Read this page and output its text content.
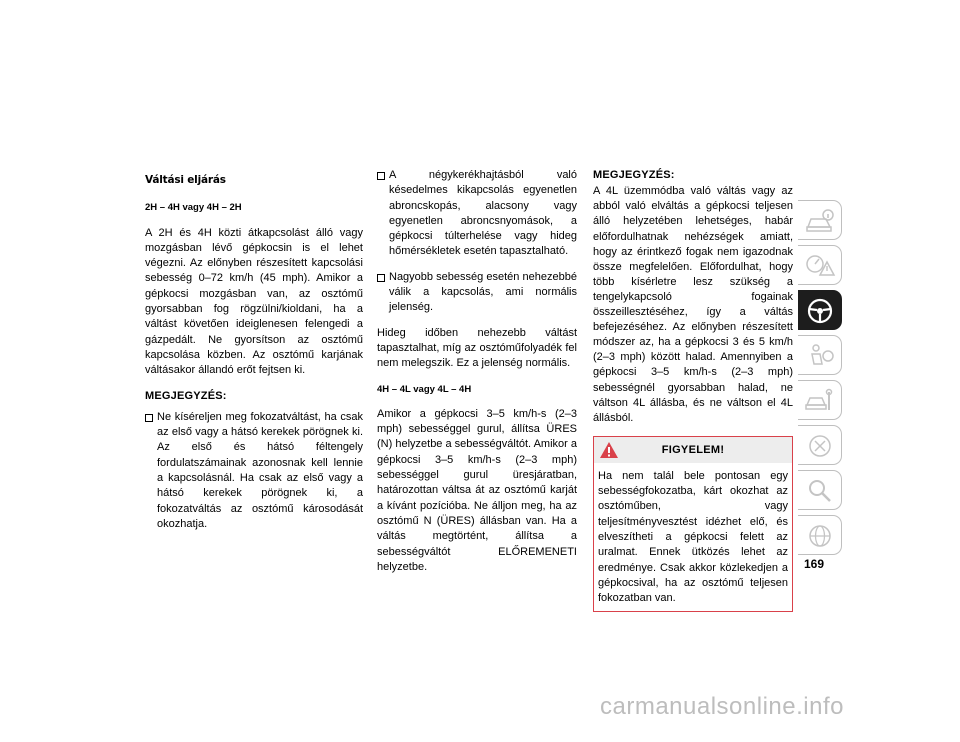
Váltási eljárás
2H – 4H vagy 4H – 2H
A 2H és 4H közti átkapcsolást álló vagy mozgásban lévő gépkocsin is el lehet végezni. Az előnyben részesített kapcsolási sebesség 0–72 km/h (45 mph). Amikor a gépkocsi mozgásban van, az osztómű gyorsabban fog rögzülni/kioldani, ha a váltást követően ideiglenesen felengedi a gázpedált. Ne gyorsítson az osztómű kapcsolása közben. Az osztómű karjának váltásakor állandó erőt fejtsen ki.
MEGJEGYZÉS:
Ne kíséreljen meg fokozatváltást, ha csak az első vagy a hátsó kerekek pörögnek ki. Az első és hátsó féltengely fordulatszámainak azonosnak kell lennie a kapcsolásnál. Ha csak az első vagy a hátsó kerekek pörögnek ki, a fokozatváltás az osztómű károsodását okozhatja.
A négykerékhajtásból való késedelmes kikapcsolás egyenetlen abroncskopás, alacsony vagy egyenetlen abroncsnyomások, a gépkocsi túlterhelése vagy hideg hőmérsékletek esetén tapasztalható.
Nagyobb sebesség esetén nehezebbé válik a kapcsolás, ami normális jelenség.
Hideg időben nehezebb váltást tapasztalhat, míg az osztóműfolyadék fel nem melegszik. Ez a jelenség normális.
4H – 4L vagy 4L – 4H
Amikor a gépkocsi 3–5 km/h-s (2–3 mph) sebességgel gurul, állítsa ÜRES (N) helyzetbe a sebességváltót. Amikor a gépkocsi 3–5 km/h-s (2–3 mph) sebességgel gurul üresjáratban, határozottan váltsa át az osztómű karját a kívánt pozícióba. Ne álljon meg, ha az osztómű N (ÜRES) állásban van. Ha a váltás megtörtént, állítsa a sebességváltót ELŐREMENETI helyzetbe.
MEGJEGYZÉS:
A 4L üzemmódba való váltás vagy az abból való elváltás a gépkocsi teljesen álló helyzetében lehetséges, habár előfordulhatnak nehézségek amiatt, hogy az érintkező fogak nem igazodnak össze megfelelően. Előfordulhat, hogy több kísérletre lesz szükség a tengelykapcsoló fogainak összeillesztéséhez, így a váltás befejezéséhez. Az előnyben részesített módszer az, ha a gépkocsi 3 és 5 km/h (2–3 mph) között halad. Amennyiben a gépkocsi 3–5 km/h-s (2–3 mph) sebességnél gyorsabban halad, ne váltson 4L állásba, és ne váltson el 4L állásból.
FIGYELEM!
Ha nem talál bele pontosan egy sebességfokozatba, kárt okozhat az osztóműben, vagy teljesítményvesztést idézhet elő, és elveszítheti a gépkocsi felett az uralmat. Ennek ütközés lehet az eredménye. Csak akkor közlekedjen a gépkocsival, ha az osztómű teljesen fokozatban van.
169
carmanualsonline.info
